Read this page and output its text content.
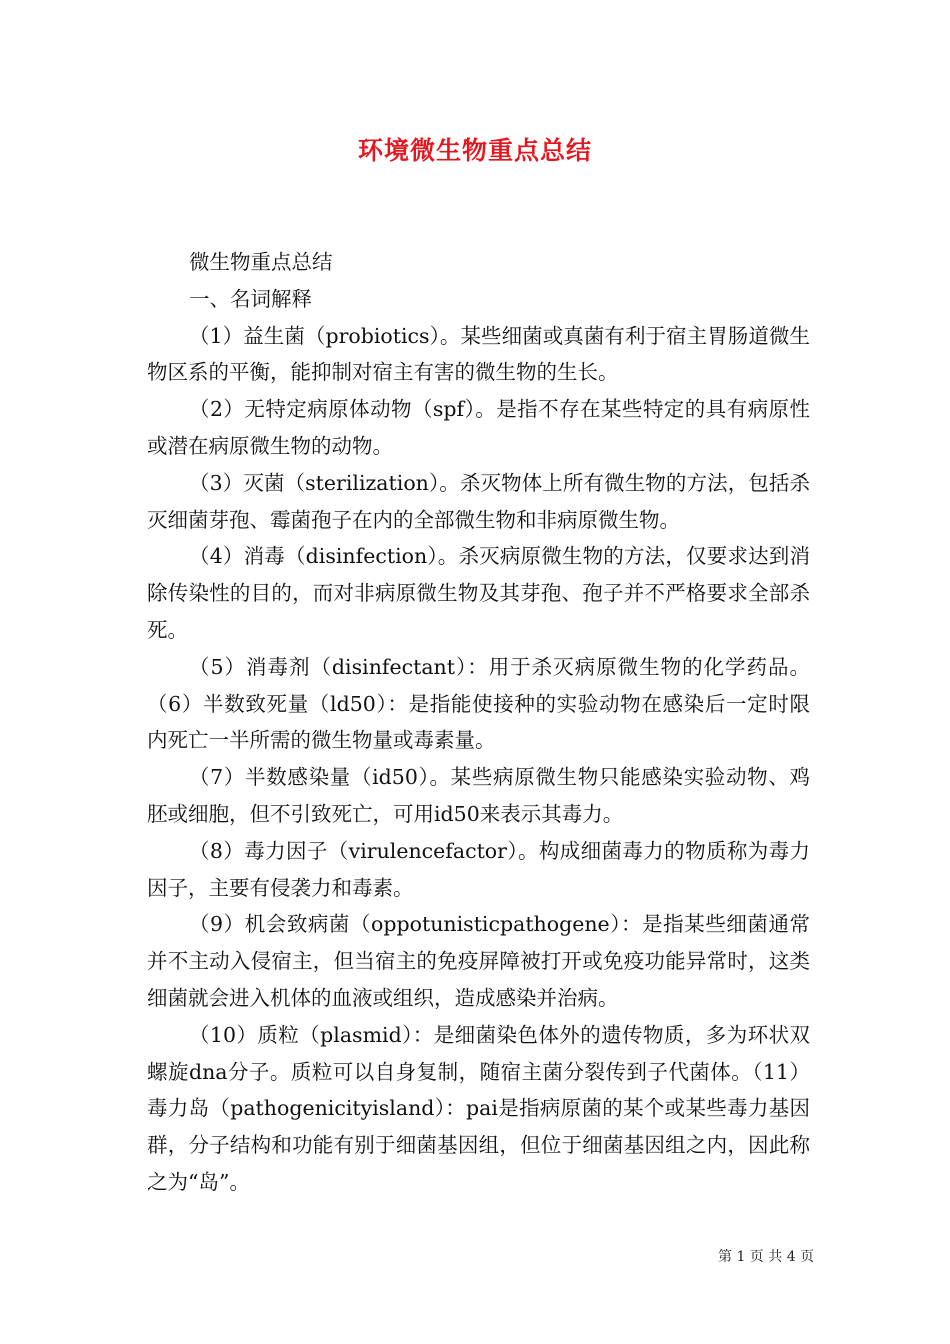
环境微生物重点总结

微生物重点总结

一、名词解释

（1）益生菌（probiotics）。某些细菌或真菌有利于宿主胃肠道微生物区系的平衡，能抑制对宿主有害的微生物的生长。

（2）无特定病原体动物（spf）。是指不存在某些特定的具有病原性或潜在病原微生物的动物。

（3）灭菌（sterilization）。杀灭物体上所有微生物的方法，包括杀灭细菌芽孢、霉菌孢子在内的全部微生物和非病原微生物。

（4）消毒（disinfection）。杀灭病原微生物的方法，仅要求达到消除传染性的目的，而对非病原微生物及其芽孢、孢子并不严格要求全部杀死。

（5）消毒剂（disinfectant）：用于杀灭病原微生物的化学药品。（6）半数致死量（ld50）：是指能使接种的实验动物在感染后一定时限内死亡一半所需的微生物量或毒素量。

（7）半数感染量（id50）。某些病原微生物只能感染实验动物、鸡胚或细胞，但不引致死亡，可用id50来表示其毒力。

（8）毒力因子（virulencefactor）。构成细菌毒力的物质称为毒力因子，主要有侵袭力和毒素。

（9）机会致病菌（oppotunisticpathogene）：是指某些细菌通常并不主动入侵宿主，但当宿主的免疫屏障被打开或免疫功能异常时，这类细菌就会进入机体的血液或组织，造成感染并治病。

（10）质粒（plasmid）：是细菌染色体外的遗传物质，多为环状双螺旋dna分子。质粒可以自身复制，随宿主菌分裂传到子代菌体。（11）毒力岛（pathogenicityisland）：pai是指病原菌的某个或某些毒力基因群，分子结构和功能有别于细菌基因组，但位于细菌基因组之内，因此称之为“岛”。

第 1 页 共 4 页
